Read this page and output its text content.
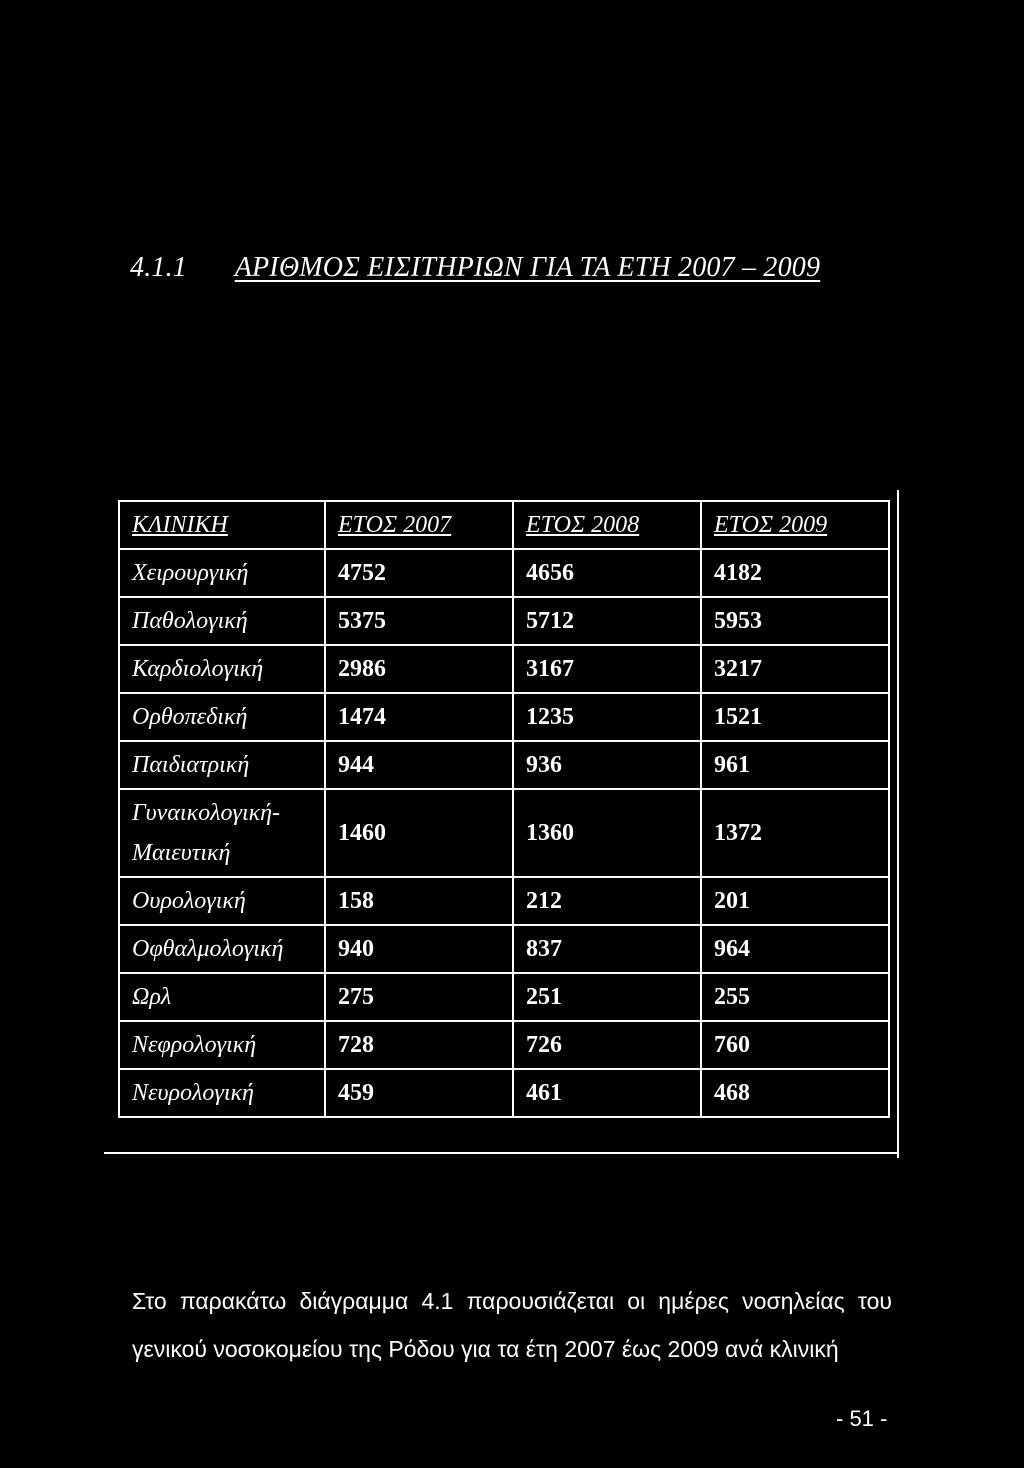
4.1.1 ΑΡΙΘΜΟΣ ΕΙΣΙΤΗΡΙΩΝ ΓΙΑ ΤΑ ΕΤΗ 2007 – 2009
ΚΛΙΝΙΚΗ	ΕΤΟΣ 2007	ΕΤΟΣ 2008	ΕΤΟΣ 2009
Χειρουργική	4752	4656	4182
Παθολογική	5375	5712	5953
Καρδιολογική	2986	3167	3217
Ορθοπεδική	1474	1235	1521
Παιδιατρική	944	936	961
Γυναικολογική-Μαιευτική	1460	1360	1372
Ουρολογική	158	212	201
Οφθαλμολογική	940	837	964
Ωρλ	275	251	255
Νεφρολογική	728	726	760
Νευρολογική	459	461	468

Στο παρακάτω διάγραμμα 4.1 παρουσιάζεται οι ημέρες νοσηλείας του γενικού νοσοκομείου της Ρόδου για τα έτη 2007 έως 2009 ανά κλινική

- 51 -
